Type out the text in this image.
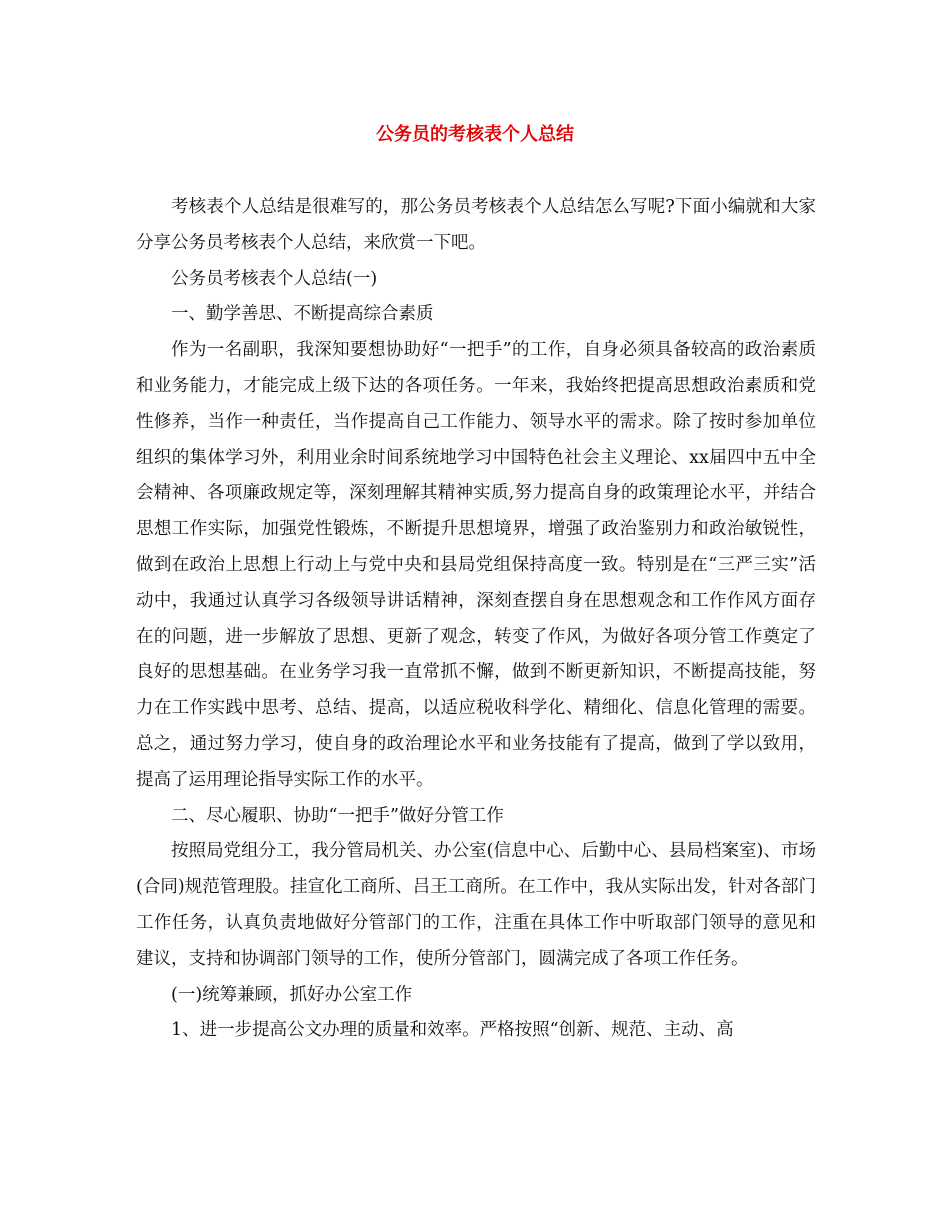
公务员的考核表个人总结

考核表个人总结是很难写的，那公务员考核表个人总结怎么写呢?下面小编就和大家分享公务员考核表个人总结，来欣赏一下吧。

公务员考核表个人总结(一)

一、勤学善思、不断提高综合素质

作为一名副职，我深知要想协助好“一把手”的工作，自身必须具备较高的政治素质和业务能力，才能完成上级下达的各项任务。一年来，我始终把提高思想政治素质和党性修养，当作一种责任，当作提高自己工作能力、领导水平的需求。除了按时参加单位组织的集体学习外，利用业余时间系统地学习中国特色社会主义理论、xx届四中五中全会精神、各项廉政规定等，深刻理解其精神实质,努力提高自身的政策理论水平，并结合思想工作实际，加强党性锻炼，不断提升思想境界，增强了政治鉴别力和政治敏锐性，做到在政治上思想上行动上与党中央和县局党组保持高度一致。特别是在“三严三实”活动中，我通过认真学习各级领导讲话精神，深刻查摆自身在思想观念和工作作风方面存在的问题，进一步解放了思想、更新了观念，转变了作风，为做好各项分管工作奠定了良好的思想基础。在业务学习我一直常抓不懈，做到不断更新知识，不断提高技能，努力在工作实践中思考、总结、提高，以适应税收科学化、精细化、信息化管理的需要。总之，通过努力学习，使自身的政治理论水平和业务技能有了提高，做到了学以致用，提高了运用理论指导实际工作的水平。

二、尽心履职、协助“一把手”做好分管工作

按照局党组分工，我分管局机关、办公室(信息中心、后勤中心、县局档案室)、市场(合同)规范管理股。挂宣化工商所、吕王工商所。在工作中，我从实际出发，针对各部门工作任务，认真负责地做好分管部门的工作，注重在具体工作中听取部门领导的意见和建议，支持和协调部门领导的工作，使所分管部门，圆满完成了各项工作任务。

(一)统筹兼顾，抓好办公室工作

1、进一步提高公文办理的质量和效率。严格按照“创新、规范、主动、高
